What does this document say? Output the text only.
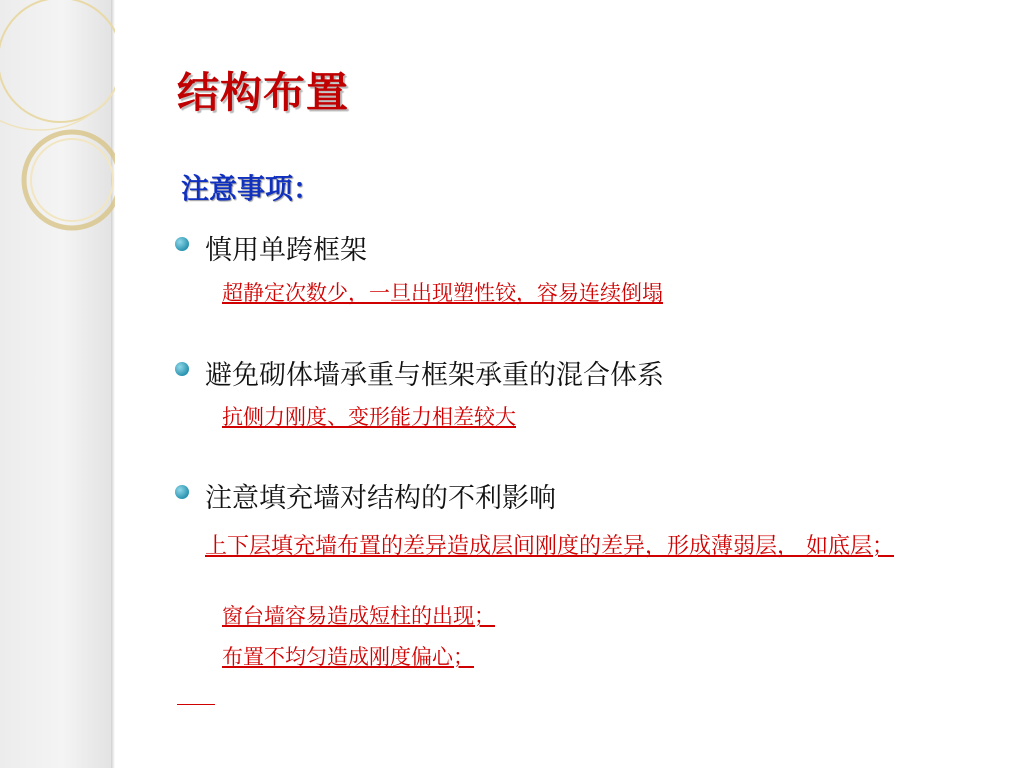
结构布置
注意事项：

慎用单跨框架

超静定次数少，一旦出现塑性铰，容易连续倒塌

避免砌体墙承重与框架承重的混合体系

抗侧力刚度、变形能力相差较大

注意填充墙对结构的不利影响

上下层填充墙布置的差异造成层间刚度的差异，形成薄弱层， 如底层；

窗台墙容易造成短柱的出现；

布置不均匀造成刚度偏心；
